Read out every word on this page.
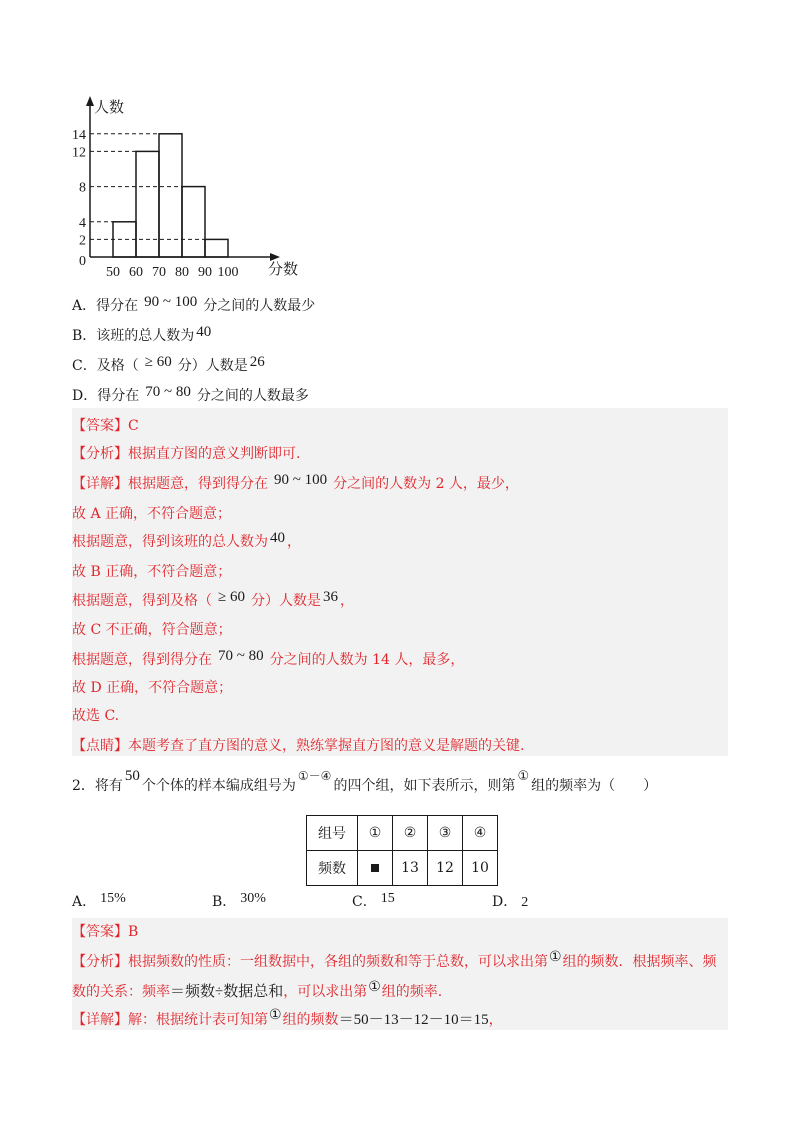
0
2
4
8
12
14
50 60 70 80 90 100
人数
分数
A．得分在 90 ~ 100 分之间的人数最少
B．该班的总人数为 40
C．及格（ ≥ 60 分）人数是 26
D．得分在 70 ~ 80 分之间的人数最多
【答案】C
【分析】根据直方图的意义判断即可.
【详解】根据题意，得到得分在 90 ~ 100 分之间的人数为 2 人，最少，
故 A 正确，不符合题意；
根据题意，得到该班的总人数为 40 ，
故 B 正确，不符合题意；
根据题意，得到及格（ ≥ 60 分）人数是 36 ，
故 C 不正确，符合题意；
根据题意，得到得分在 70 ~ 80 分之间的人数为 14 人，最多，
故 D 正确，不符合题意；
故选 C.
【点睛】本题考查了直方图的意义，熟练掌握直方图的意义是解题的关键.
2．将有50个个体的样本编成组号为①－④的四个组，如下表所示，则第①组的频率为（　　）
组号	①	②	③	④
频数		13	12	10
A． 15%	B． 30%	C． 15	D． 2
【答案】B
【分析】根据频数的性质：一组数据中，各组的频数和等于总数，可以求出第①组的频数．根据频率、频
数的关系：频率＝频数÷数据总和，可以求出第①组的频率.
【详解】解：根据统计表可知第①组的频数＝50－13－12－10＝15，
